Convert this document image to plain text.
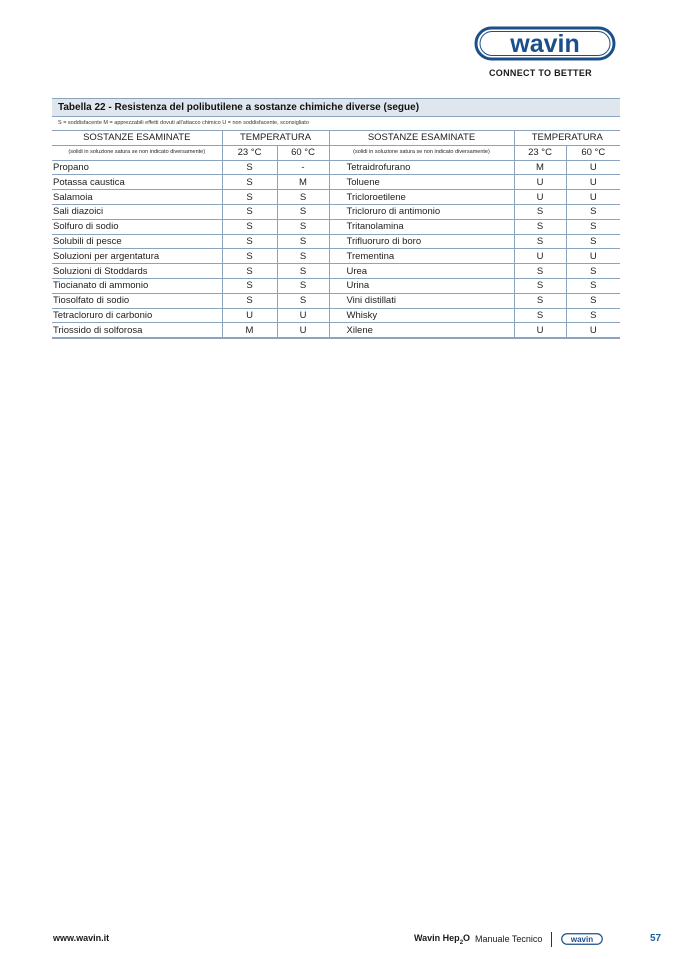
wavin
CONNECT TO BETTER
Tabella 22 - Resistenza del polibutilene a sostanze chimiche diverse (segue)
S = soddisfacente M = apprezzabili effetti dovuti all'attacco chimico U = non soddisfacente, sconsigliato
SOSTANZE ESAMINATE	TEMPERATURA		SOSTANZE ESAMINATE	TEMPERATURA	
(solidi in soluzione satura se non indicato diversamente)	23 °C	60 °C	(solidi in soluzione satura se non indicato diversamente)	23 °C	60 °C
Propano	S	-	Tetraidrofurano	M	U
Potassa caustica	S	M	Toluene	U	U
Salamoia	S	S	Tricloroetilene	U	U
Sali diazoici	S	S	Tricloruro di antimonio	S	S
Solfuro di sodio	S	S	Tritanolamina	S	S
Solubili di pesce	S	S	Trifluoruro di boro	S	S
Soluzioni per argentatura	S	S	Trementina	U	U
Soluzioni di Stoddards	S	S	Urea	S	S
Tiocianato di ammonio	S	S	Urina	S	S
Tiosolfato di sodio	S	S	Vini distillati	S	S
Tetracloruro di carbonio	U	U	Whisky	S	S
Triossido di solforosa	M	U	Xilene	U	U
www.wavin.it	Wavin Hep$_2$O Manuale Tecnico	wavin	57
